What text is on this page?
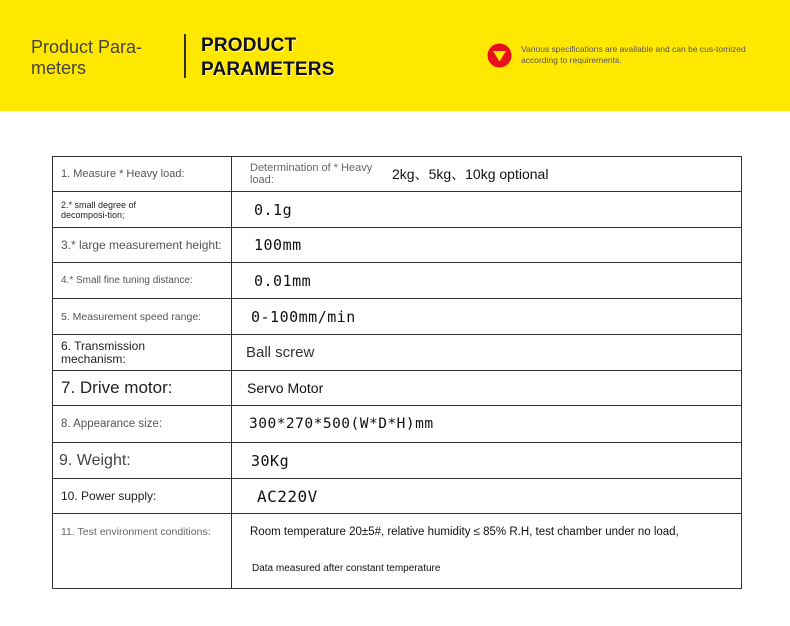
Product Para-meters
PRODUCT
PARAMETERS
Various specifications are available and can be cus-tomized according to requirements.
1. Measure * Heavy load:	Determination of * Heavy load:	2kg、5kg、10kg optional
2.* small degree of decomposi-tion;	0.1g
3.* large measurement height:	100mm
4.* Small fine tuning distance:	0.01mm
5. Measurement speed range:	0-100mm/min
6. Transmission mechanism:	Ball screw
7. Drive motor:	Servo Motor
8. Appearance size:	300*270*500(W*D*H)mm
9. Weight:	30Kg
10. Power supply:	AC220V
11. Test environment conditions:	Room temperature 20±5#, relative humidity ≤ 85% R.H, test chamber under no load,
Data measured after constant temperature
